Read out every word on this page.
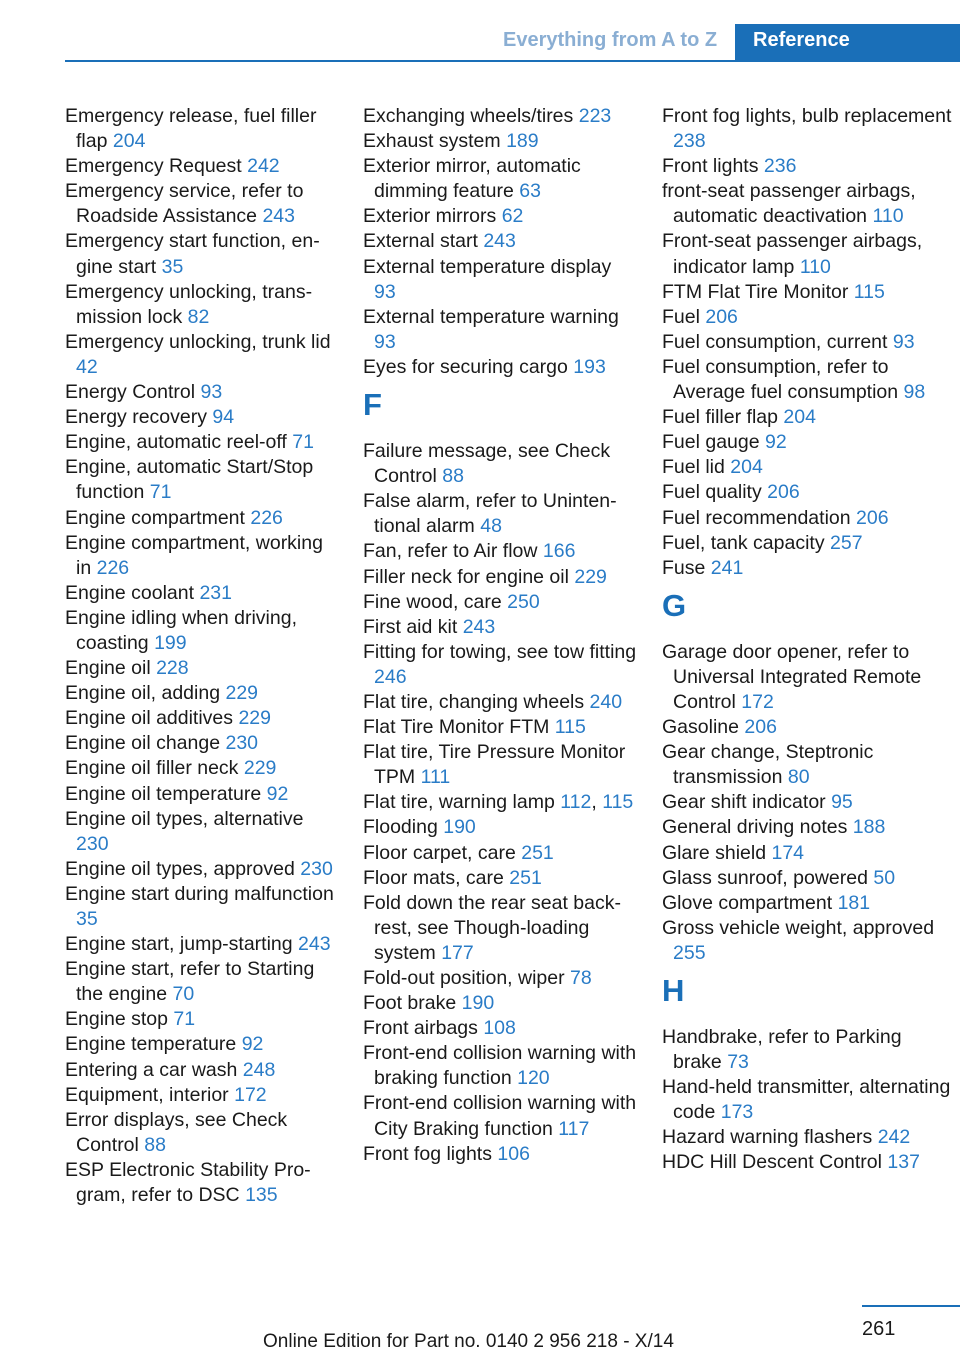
Everything from A to Z	Reference

Emergency release, fuel filler flap 204

Emergency Request 242

Emergency service, refer to Roadside Assistance 243

Emergency start function, engine start 35

Emergency unlocking, transmission lock 82

Emergency unlocking, trunk lid 42

Energy Control 93

Energy recovery 94

Engine, automatic reel-off 71

Engine, automatic Start/Stop function 71

Engine compartment 226

Engine compartment, working in 226

Engine coolant 231

Engine idling when driving, coasting 199

Engine oil 228

Engine oil, adding 229

Engine oil additives 229

Engine oil change 230

Engine oil filler neck 229

Engine oil temperature 92

Engine oil types, alternative 230

Engine oil types, approved 230

Engine start during malfunction 35

Engine start, jump-starting 243

Engine start, refer to Starting the engine 70

Engine stop 71

Engine temperature 92

Entering a car wash 248

Equipment, interior 172

Error displays, see Check Control 88

ESP Electronic Stability Program, refer to DSC 135

Exchanging wheels/tires 223

Exhaust system 189

Exterior mirror, automatic dimming feature 63

Exterior mirrors 62

External start 243

External temperature display 93

External temperature warning 93

Eyes for securing cargo 193

F

Failure message, see Check Control 88

False alarm, refer to Unintentional alarm 48

Fan, refer to Air flow 166

Filler neck for engine oil 229

Fine wood, care 250

First aid kit 243

Fitting for towing, see tow fitting 246

Flat tire, changing wheels 240

Flat Tire Monitor FTM 115

Flat tire, Tire Pressure Monitor TPM 111

Flat tire, warning lamp 112, 115

Flooding 190

Floor carpet, care 251

Floor mats, care 251

Fold down the rear seat backrest, see Though-loading system 177

Fold-out position, wiper 78

Foot brake 190

Front airbags 108

Front-end collision warning with braking function 120

Front-end collision warning with City Braking function 117

Front fog lights 106

Front fog lights, bulb replacement 238

Front lights 236

front-seat passenger airbags, automatic deactivation 110

Front-seat passenger airbags, indicator lamp 110

FTM Flat Tire Monitor 115

Fuel 206

Fuel consumption, current 93

Fuel consumption, refer to Average fuel consumption 98

Fuel filler flap 204

Fuel gauge 92

Fuel lid 204

Fuel quality 206

Fuel recommendation 206

Fuel, tank capacity 257

Fuse 241

G

Garage door opener, refer to Universal Integrated Remote Control 172

Gasoline 206

Gear change, Steptronic transmission 80

Gear shift indicator 95

General driving notes 188

Glare shield 174

Glass sunroof, powered 50

Glove compartment 181

Gross vehicle weight, approved 255

H

Handbrake, refer to Parking brake 73

Hand-held transmitter, alternating code 173

Hazard warning flashers 242

HDC Hill Descent Control 137

261
Online Edition for Part no. 0140 2 956 218 - X/14
